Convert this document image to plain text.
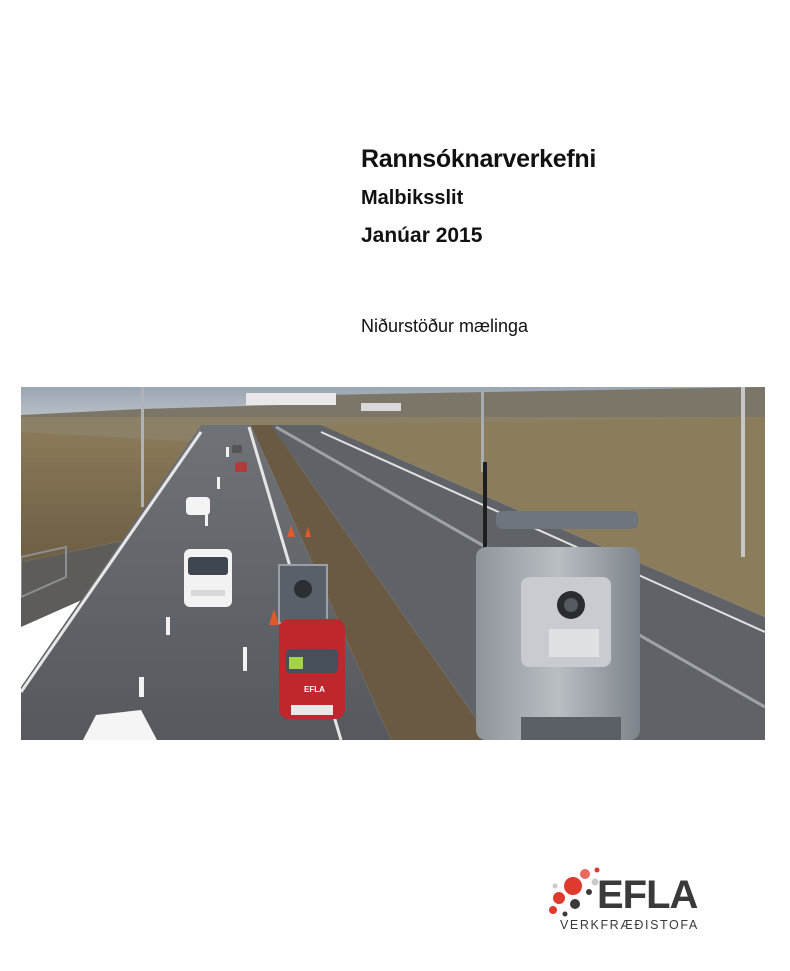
Rannsóknarverkefni
Malbiksslit
Janúar 2015
Niðurstöður mælinga
EFLA
EFLA
VERKFRÆÐISTOFA
